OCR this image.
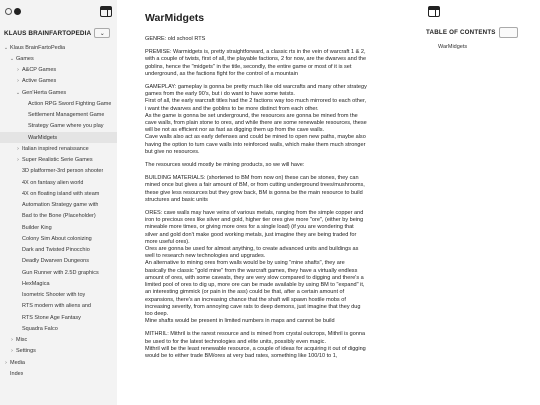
KLAUS BRAINFARTOPEDIA	⌄
⌄ Klaus BrainFartoPedia
⌄ Games
› A&CP Games
› Active Games
⌄ Gen'Herta Games
Action RPG Sword Fighting Game
Settlement Management Game
Strategy Game where you play
WarMidgets
› Italian inspired renaissance
› Super Realistic Serie Games
3D platformer-3rd person shooter
4X on fantasy alien world
4X on floating island with steam
Automation Strategy game with
Bad to the Bone (Placeholder)
Builder King
Colony Sim About colonizing
Dark and Twisted Pinocchio
Deadly Dwarven Dungeons
Gun Runner with 2.5D graphics
HexMagica
Isometric Shooter with toy
RTS modern with aliens and
RTS Stone Age Fantasy
Squadra Falco
› Misc
› Settings
› Media
Index
WarMidgets

GENRE: old school RTS

PREMISE: Warmidgets is, pretty straightforward, a classic rts in the vein of warcraft 1 & 2,
with a couple of twists, first of all, the playable factions, 2 for now, are the dwarves and the
goblins, hence the "midgets" in the title, secondly, the entire game or most of it is set
underground, as the factions fight for the control of a mountain

GAMEPLAY: gameplay is gonna be pretty much like old warcrafts and many other strategy
games from the early 90's, but i do want to have some twists.
First of all, the early warcraft titles had the 2 factions way too much mirrored to each other,
i want the dwarves and the goblins to be more distinct from each other.
As the game is gonna be set underground, the resources are gonna be mined from the
cave walls, from plain stone to ores, and while there are some renewable resources, these
will be not as efficient nor as fast as digging them up from the cave walls.
Cave walls also act as early defenses and could be mined to open new paths, maybe also
having the option to turn cave walls into reinforced walls, which make them much stronger
but give no resources.

The resources would mostly be mining products, so we will have:

BUILDING MATERIALS: (shortened to BM from now on) these can be stones, they can
mined once but gives a fair amount of BM, or from cutting underground trees/mushrooms,
these give less resources but they grow back, BM is gonna be the main resource to build
structures and basic units

ORES: cave walls may have veins of various metals, ranging from the simple copper and
iron to precious ores like silver and gold, higher tier ores give more "ore", (either by being
mineable more times, or giving more ores for a single load) (if you are wondering that
silver and gold don't make good working metals, just imagine they are being traded for
more useful ores).
Ores are gonna be used for almost anything, to create advanced units and buildings as
well to research new technologies and upgrades.
An alternative to mining ores from walls would be by using "mine shafts", they are
basically the classic "gold mine" from the warcraft games, they have a virtually endless
amount of ores, with some caveats, they are very slow compared to digging and there's a
limited pool of ores to dig up, more ore can be made available by using BM to "expand" it,
an interesting gimmick (or pain in the ass) could be that, after a certain amount of
expansions, there's an increasing chance that the shaft will spawn hostile mobs of
increasing severity, from annoying cave rats to deep demons, just imagine that they dug
too deep.
Mine shafts would be present in limited numbers in maps and cannot be build

MITHRIL: Mithril is the rarest resource and is mined from crystal outcrops, Mithril is gonna
be used to for the latest technologies and elite units, possibly even magic.
Mithril will be the least renewable resource, a couple of ideas for acquiring it out of digging
would be to either trade BM/ores at very bad rates, something like 100/10 to 1,

TABLE OF CONTENTS
WarMidgets
